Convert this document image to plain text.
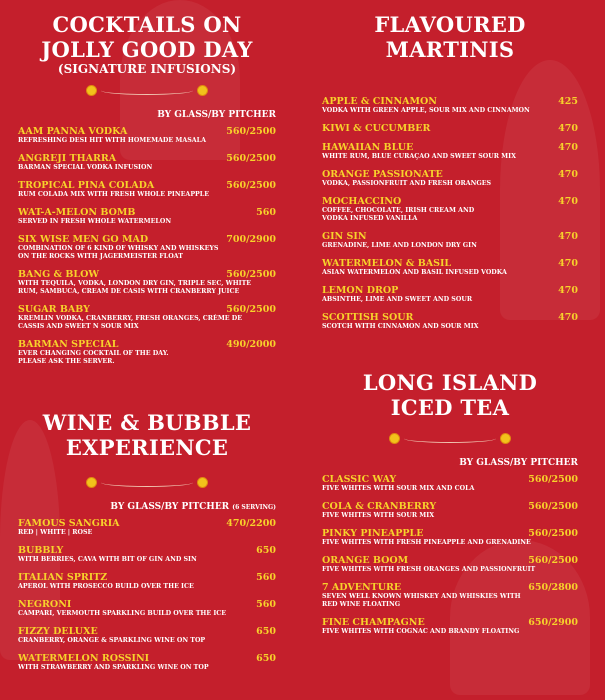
COCKTAILS ON
JOLLY GOOD DAY
(SIGNATURE INFUSIONS)
BY GLASS/BY PITCHER
AAM PANNA VODKA	560/2500
REFRESHING DESI HIT WITH HOMEMADE MASALA
ANGREJI THARRA	560/2500
BARMAN SPECIAL VODKA INFUSION
TROPICAL PINA COLADA	560/2500
RUM COLADA MIX WITH FRESH WHOLE PINEAPPLE
WAT-A-MELON BOMB	560
SERVED IN FRESH WHOLE WATERMELON
SIX WISE MEN GO MAD	700/2900
COMBINATION OF 6 KIND OF WHISKY AND WHISKEYS
ON THE ROCKS WITH JAGERMEISTER FLOAT
BANG & BLOW	560/2500
WITH TEQUILA, VODKA, LONDON DRY GIN, TRIPLE SEC, WHITE
RUM, SAMBUCA, CREAM DE CASIS WITH CRANBERRY JUICE
SUGAR BABY	560/2500
KREMLIN VODKA, CRANBERRY, FRESH ORANGES, CRÈME DE
CASSIS AND SWEET N SOUR MIX
BARMAN SPECIAL	490/2000
EVER CHANGING COCKTAIL OF THE DAY.
PLEASE ASK THE SERVER.
WINE & BUBBLE
EXPERIENCE
BY GLASS/BY PITCHER (6 SERVING)
FAMOUS SANGRIA	470/2200
RED | WHITE | ROSE
BUBBLY	650
WITH BERRIES, CAVA WITH BIT OF GIN AND SIN
ITALIAN SPRITZ	560
APEROL WITH PROSECCO BUILD OVER THE ICE
NEGRONI	560
CAMPARI, VERMOUTH SPARKLING BUILD OVER THE ICE
FIZZY DELUXE	650
CRANBERRY, ORANGE & SPARKLING WINE ON TOP
WATERMELON ROSSINI	650
WITH STRAWBERRY AND SPARKLING WINE ON TOP
FLAVOURED
MARTINIS
APPLE & CINNAMON	425
VODKA WITH GREEN APPLE, SOUR MIX AND CINNAMON
KIWI & CUCUMBER	470
HAWAIIAN BLUE	470
WHITE RUM, BLUE CURAÇAO AND SWEET SOUR MIX
ORANGE PASSIONATE	470
VODKA, PASSIONFRUIT AND FRESH ORANGES
MOCHACCINO	470
COFFEE, CHOCOLATE, IRISH CREAM AND
VODKA INFUSED VANILLA
GIN SIN	470
GRENADINE, LIME AND LONDON DRY GIN
WATERMELON & BASIL	470
ASIAN WATERMELON AND BASIL INFUSED VODKA
LEMON DROP	470
ABSINTHE, LIME AND SWEET AND SOUR
SCOTTISH SOUR	470
SCOTCH WITH CINNAMON AND SOUR MIX
LONG ISLAND
ICED TEA
BY GLASS/BY PITCHER
CLASSIC WAY	560/2500
FIVE WHITES WITH SOUR MIX AND COLA
COLA & CRANBERRY	560/2500
FIVE WHITES WITH SOUR MIX
PINKY PINEAPPLE	560/2500
FIVE WHITES WITH FRESH PINEAPPLE AND GRENADINE
ORANGE BOOM	560/2500
FIVE WHITES WITH FRESH ORANGES AND PASSIONFRUIT
7 ADVENTURE	650/2800
SEVEN WELL KNOWN WHISKEY AND WHISKIES WITH
RED WINE FLOATING
FINE CHAMPAGNE	650/2900
FIVE WHITES WITH COGNAC AND BRANDY FLOATING
